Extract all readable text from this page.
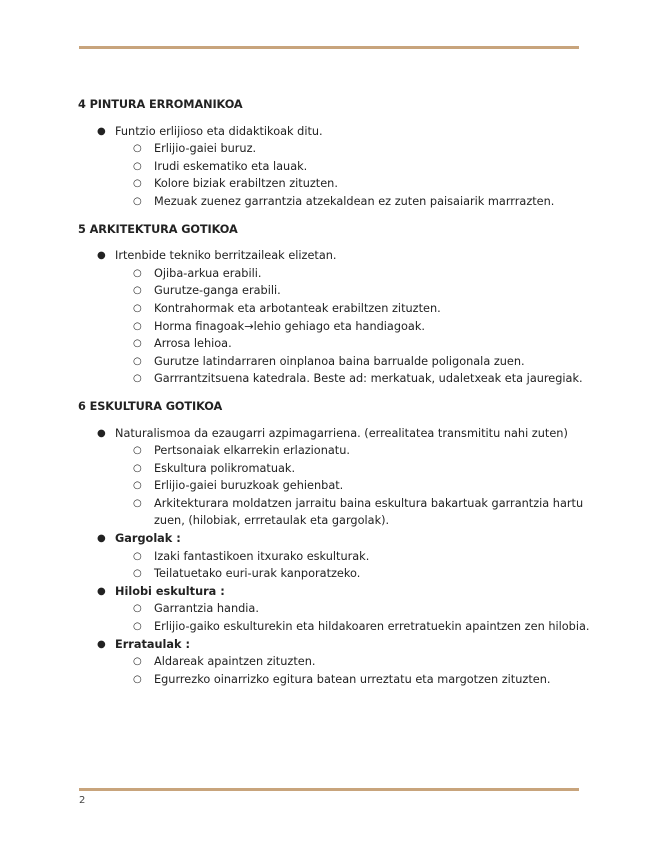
4 PINTURA ERROMANIKOA
● Funtzio erlijioso eta didaktikoak ditu.
○ Erlijio-gaiei buruz.
○ Irudi eskematiko eta lauak.
○ Kolore biziak erabiltzen zituzten.
○ Mezuak zuenez garrantzia atzekaldean ez zuten paisaiarik marrrazten.
5 ARKITEKTURA GOTIKOA
● Irtenbide tekniko berritzaileak elizetan.
○ Ojiba-arkua erabili.
○ Gurutze-ganga erabili.
○ Kontrahormak eta arbotanteak erabiltzen zituzten.
○ Horma finagoak→lehio gehiago eta handiagoak.
○ Arrosa lehioa.
○ Gurutze latindarraren oinplanoa baina barrualde poligonala zuen.
○ Garrrantzitsuena katedrala. Beste ad: merkatuak, udaletxeak eta jauregiak.
6 ESKULTURA GOTIKOA
● Naturalismoa da ezaugarri azpimagarriena. (errealitatea transmititu nahi zuten)
○ Pertsonaiak elkarrekin erlazionatu.
○ Eskultura polikromatuak.
○ Erlijio-gaiei buruzkoak gehienbat.
○ Arkitekturara moldatzen jarraitu baina eskultura bakartuak garrantzia hartu zuen, (hilobiak, errretaulak eta gargolak).
● Gargolak :
○ Izaki fantastikoen itxurako eskulturak.
○ Teilatuetako euri-urak kanporatzeko.
● Hilobi eskultura :
○ Garrantzia handia.
○ Erlijio-gaiko eskulturekin eta hildakoaren erretratuekin apaintzen zen hilobia.
● Errataulak :
○ Aldareak apaintzen zituzten.
○ Egurrezko oinarrizko egitura batean urreztatu eta margotzen zituzten.
2
